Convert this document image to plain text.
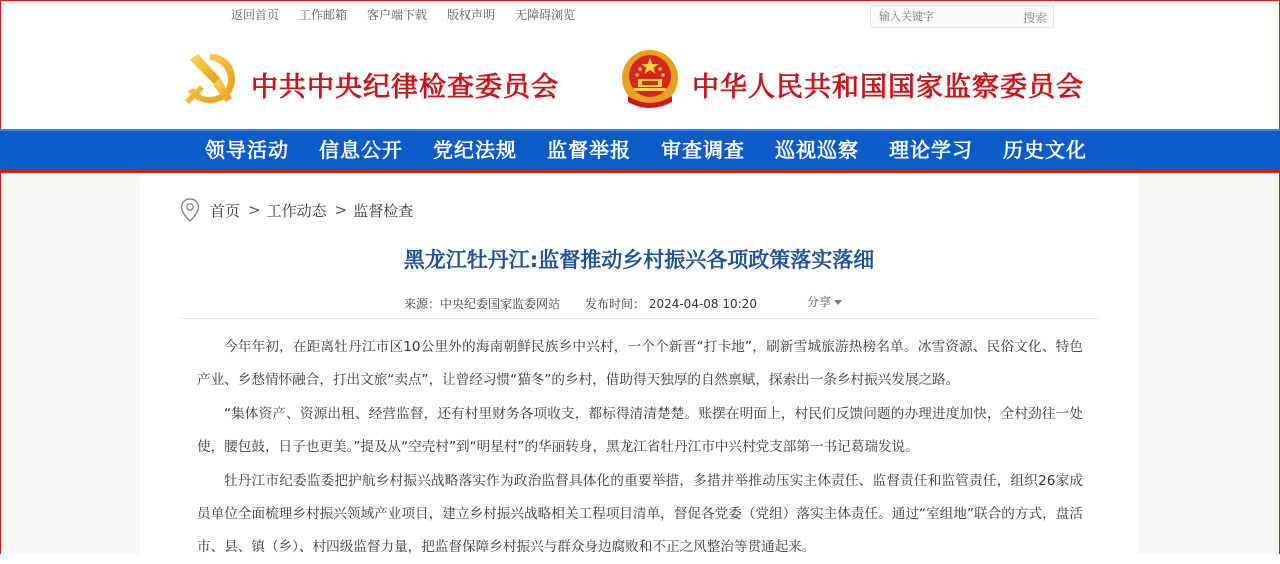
返回首页 工作邮箱 客户端下载 版权声明 无障碍浏览
输入关键字	搜索
中共中央纪律检查委员会	中华人民共和国国家监察委员会
领导活动 信息公开 党纪法规 监督举报 审查调查 巡视巡察 理论学习 历史文化
首页 > 工作动态 > 监督检查
黑龙江牡丹江:监督推动乡村振兴各项政策落实落细
来源：中央纪委国家监委网站 发布时间： 2024-04-08 10:20	分享

今年年初，在距离牡丹江市区10公里外的海南朝鲜民族乡中兴村，一个个新晋“打卡地”，刷新雪城旅游热榜名单。冰雪资源、民俗文化、特色产业、乡愁情怀融合，打出文旅“卖点”，让曾经习惯“猫冬”的乡村，借助得天独厚的自然禀赋，探索出一条乡村振兴发展之路。

“集体资产、资源出租、经营监督，还有村里财务各项收支，都标得清清楚楚。账摆在明面上，村民们反馈问题的办理进度加快，全村劲往一处使，腰包鼓，日子也更美。”提及从“空壳村”到“明星村”的华丽转身，黑龙江省牡丹江市中兴村党支部第一书记葛瑞发说。

牡丹江市纪委监委把护航乡村振兴战略落实作为政治监督具体化的重要举措，多措并举推动压实主体责任、监督责任和监管责任，组织26家成员单位全面梳理乡村振兴领域产业项目，建立乡村振兴战略相关工程项目清单，督促各党委（党组）落实主体责任。通过“室组地”联合的方式，盘活市、县、镇（乡）、村四级监督力量，把监督保障乡村振兴与群众身边腐败和不正之风整治等贯通起来。
